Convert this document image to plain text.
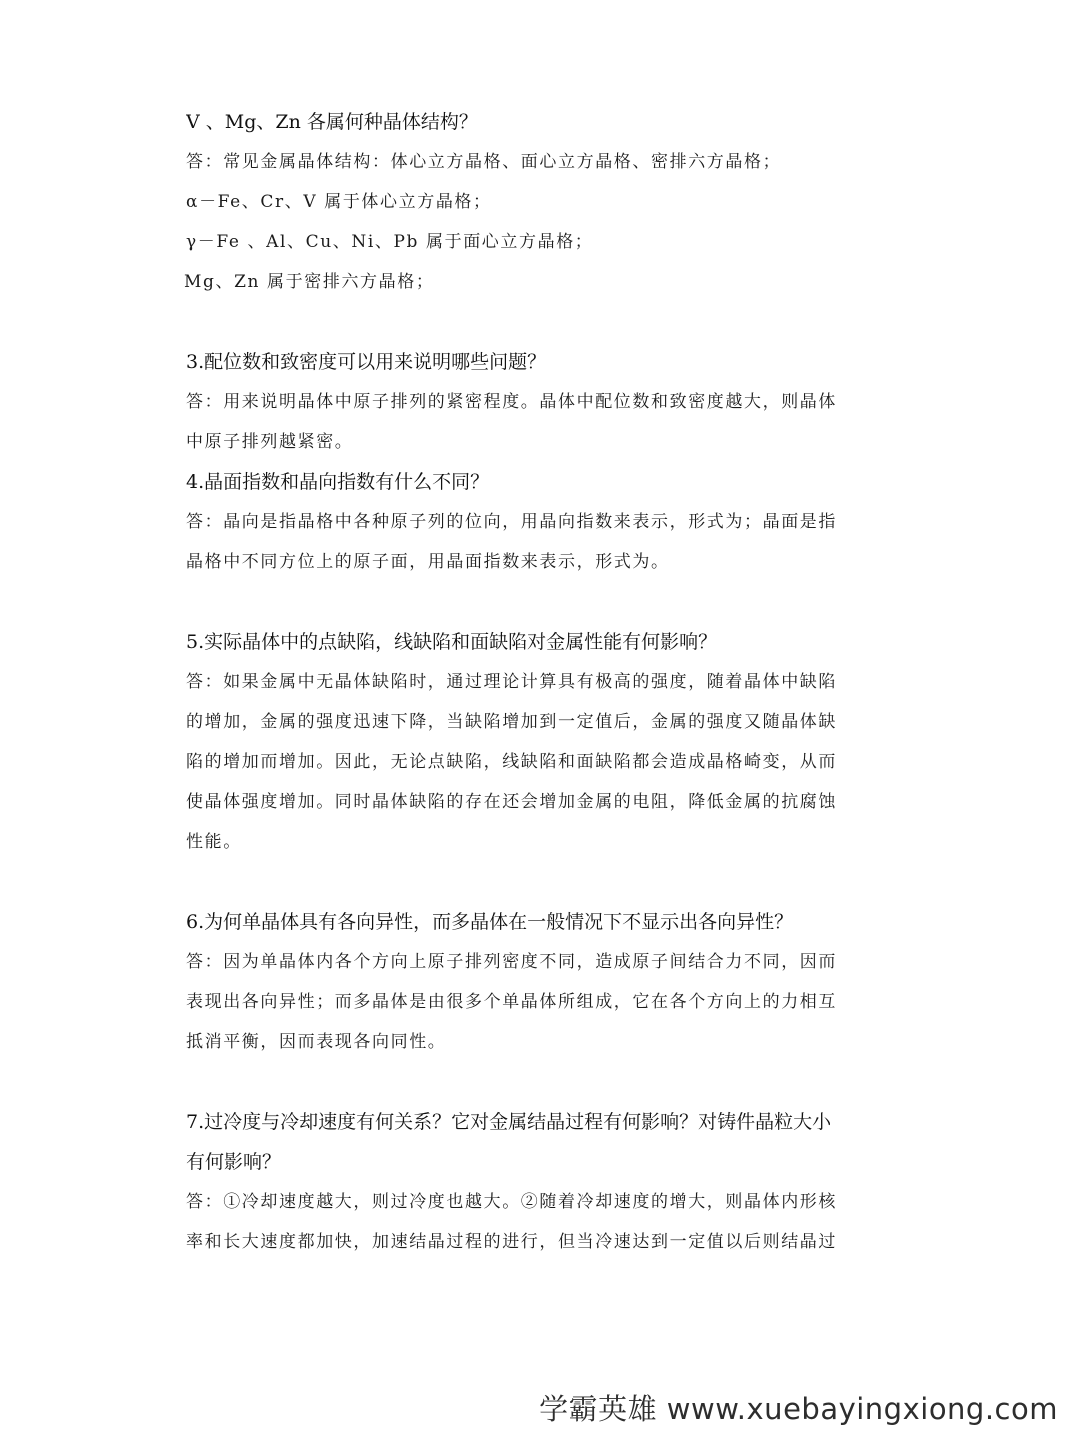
V 、Mg、Zn 各属何种晶体结构？
答：常见金属晶体结构：体心立方晶格、面心立方晶格、密排六方晶格；
α－Fe、Cr、V 属于体心立方晶格；
γ－Fe 、Al、Cu、Ni、Pb 属于面心立方晶格；
Mg、Zn 属于密排六方晶格；
3.配位数和致密度可以用来说明哪些问题？
答：用来说明晶体中原子排列的紧密程度。晶体中配位数和致密度越大，则晶体
中原子排列越紧密。
4.晶面指数和晶向指数有什么不同？
答：晶向是指晶格中各种原子列的位向，用晶向指数来表示，形式为；晶面是指
晶格中不同方位上的原子面，用晶面指数来表示，形式为。
5.实际晶体中的点缺陷，线缺陷和面缺陷对金属性能有何影响？
答：如果金属中无晶体缺陷时，通过理论计算具有极高的强度，随着晶体中缺陷
的增加，金属的强度迅速下降，当缺陷增加到一定值后，金属的强度又随晶体缺
陷的增加而增加。因此，无论点缺陷，线缺陷和面缺陷都会造成晶格崎变，从而
使晶体强度增加。同时晶体缺陷的存在还会增加金属的电阻，降低金属的抗腐蚀
性能。
6.为何单晶体具有各向异性，而多晶体在一般情况下不显示出各向异性？
答：因为单晶体内各个方向上原子排列密度不同，造成原子间结合力不同，因而
表现出各向异性；而多晶体是由很多个单晶体所组成，它在各个方向上的力相互
抵消平衡，因而表现各向同性。
7.过冷度与冷却速度有何关系？它对金属结晶过程有何影响？对铸件晶粒大小
有何影响？
答：①冷却速度越大，则过冷度也越大。②随着冷却速度的增大，则晶体内形核
率和长大速度都加快，加速结晶过程的进行，但当冷速达到一定值以后则结晶过
学霸英雄 www.xuebayingxiong.com
